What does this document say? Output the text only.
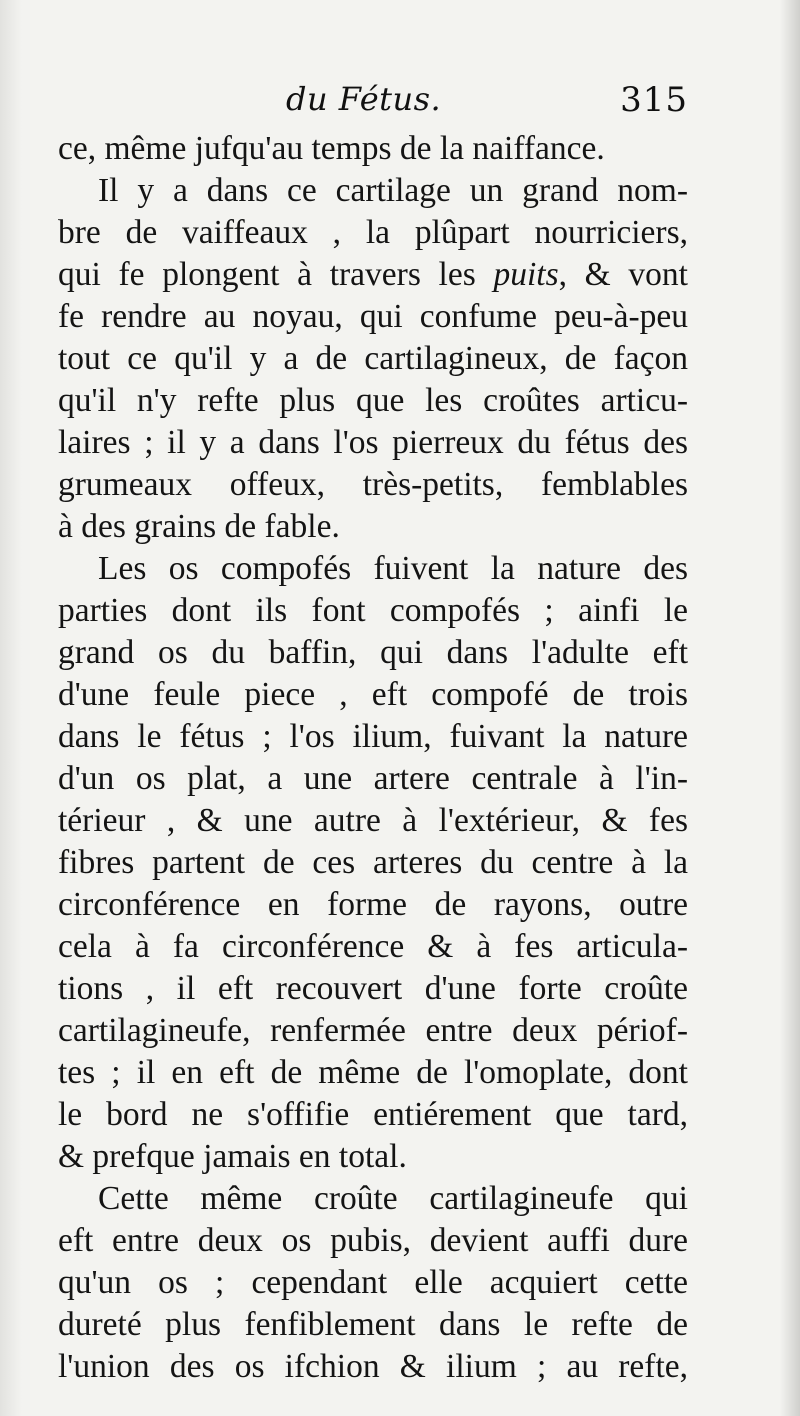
du Fétus.	315
ce, même jufqu'au temps de la naiffance.
Il y a dans ce cartilage un grand nom-
bre de vaiffeaux , la plûpart nourriciers,
qui fe plongent à travers les puits, & vont
fe rendre au noyau, qui confume peu-à-peu
tout ce qu'il y a de cartilagineux, de façon
qu'il n'y refte plus que les croûtes articu-
laires ; il y a dans l'os pierreux du fétus des
grumeaux offeux, très-petits, femblables
à des grains de fable.
Les os compofés fuivent la nature des
parties dont ils font compofés ; ainfi le
grand os du baffin, qui dans l'adulte eft
d'une feule piece , eft compofé de trois
dans le fétus ; l'os ilium, fuivant la nature
d'un os plat, a une artere centrale à l'in-
térieur , & une autre à l'extérieur, & fes
fibres partent de ces arteres du centre à la
circonférence en forme de rayons, outre
cela à fa circonférence & à fes articula-
tions , il eft recouvert d'une forte croûte
cartilagineufe, renfermée entre deux périof-
tes ; il en eft de même de l'omoplate, dont
le bord ne s'offifie entiérement que tard,
& prefque jamais en total.
Cette même croûte cartilagineufe qui
eft entre deux os pubis, devient auffi dure
qu'un os ; cependant elle acquiert cette
dureté plus fenfiblement dans le refte de
l'union des os ifchion & ilium ; au refte,
